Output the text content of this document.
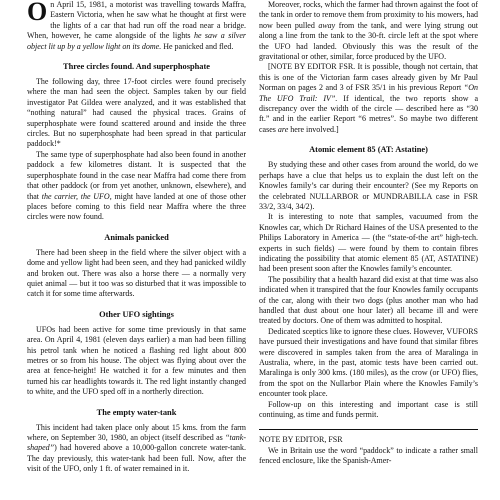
On April 15, 1981, a motorist was travelling towards Maffra, Eastern Victoria, when he saw what he thought at first were the lights of a car that had run off the road near a bridge. When, however, he came alongside of the lights he saw a silver object lit up by a yellow light on its dome. He panicked and fled.

Three circles found. And superphosphate

The following day, three 17-foot circles were found precisely where the man had seen the object. Samples taken by our field investigator Pat Gildea were analyzed, and it was established that “nothing natural” had caused the physical traces. Grains of superphosphate were found scattered around and inside the three circles. But no superphosphate had been spread in that particular paddock!*

The same type of superphosphate had also been found in another paddock a few kilometres distant. It is suspected that the superphosphate found in the case near Maffra had come there from that other paddock (or from yet another, unknown, elsewhere), and that the carrier, the UFO, might have landed at one of those other places before coming to this field near Maffra where the three circles were now found.

Animals panicked

There had been sheep in the field where the silver object with a dome and yellow light had been seen, and they had panicked wildly and broken out. There was also a horse there — a normally very quiet animal — but it too was so disturbed that it was impossible to catch it for some time afterwards.

Other UFO sightings

UFOs had been active for some time previously in that same area. On April 4, 1981 (eleven days earlier) a man had been filling his petrol tank when he noticed a flashing red light about 800 metres or so from his house. The object was flying about over the area at fence-height! He watched it for a few minutes and then turned his car headlights towards it. The red light instantly changed to white, and the UFO sped off in a northerly direction.

The empty water-tank

This incident had taken place only about 15 kms. from the farm where, on September 30, 1980, an object (itself described as “tank-shaped”) had hovered above a 10,000-gallon concrete water-tank. The day previously, this water-tank had been full. Now, after the visit of the UFO, only 1 ft. of water remained in it.

Moreover, rocks, which the farmer had thrown against the foot of the tank in order to remove them from proximity to his mowers, had now been pulled away from the tank, and were lying strung out along a line from the tank to the 30-ft. circle left at the spot where the UFO had landed. Obviously this was the result of the gravitational or other, similar, force produced by the UFO.

[NOTE BY EDITOR FSR. It is possible, though not certain, that this is one of the Victorian farm cases already given by Mr Paul Norman on pages 2 and 3 of FSR 35/1 in his previous Report “On The UFO Trail: IV”. If identical, the two reports show a discrepancy over the width of the circle — described here as “30 ft.” and in the earlier Report “6 metres”. So maybe two different cases are here involved.]

Atomic element 85 (AT: Astatine)

By studying these and other cases from around the world, do we perhaps have a clue that helps us to explain the dust left on the Knowles family’s car during their encounter? (See my Reports on the celebrated NULLARBOR or MUNDRABILLA case in FSR 33/2, 33/4, 34/2).

It is interesting to note that samples, vacuumed from the Knowles car, which Dr Richard Haines of the USA presented to the Philips Laboratory in America — (the “state-of-the art” high-tech. experts in such fields) — were found by them to contain fibres indicating the possibility that atomic element 85 (AT, ASTATINE) had been present soon after the Knowles family’s encounter.

The possibility that a health hazard did exist at that time was also indicated when it transpired that the four Knowles family occupants of the car, along with their two dogs (plus another man who had handled that dust about one hour later) all became ill and were treated by doctors. One of them was admitted to hospital.

Dedicated sceptics like to ignore these clues. However, VUFORS have pursued their investigations and have found that similar fibres were discovered in samples taken from the area of Maralinga in Australia, where, in the past, atomic tests have been carried out. Maralinga is only 300 kms. (180 miles), as the crow (or UFO) flies, from the spot on the Nullarbor Plain where the Knowles Family’s encounter took place.

Follow-up on this interesting and important case is still continuing, as time and funds permit.

NOTE BY EDITOR, FSR

We in Britain use the word “paddock” to indicate a rather small fenced enclosure, like the Spanish-Amer-
